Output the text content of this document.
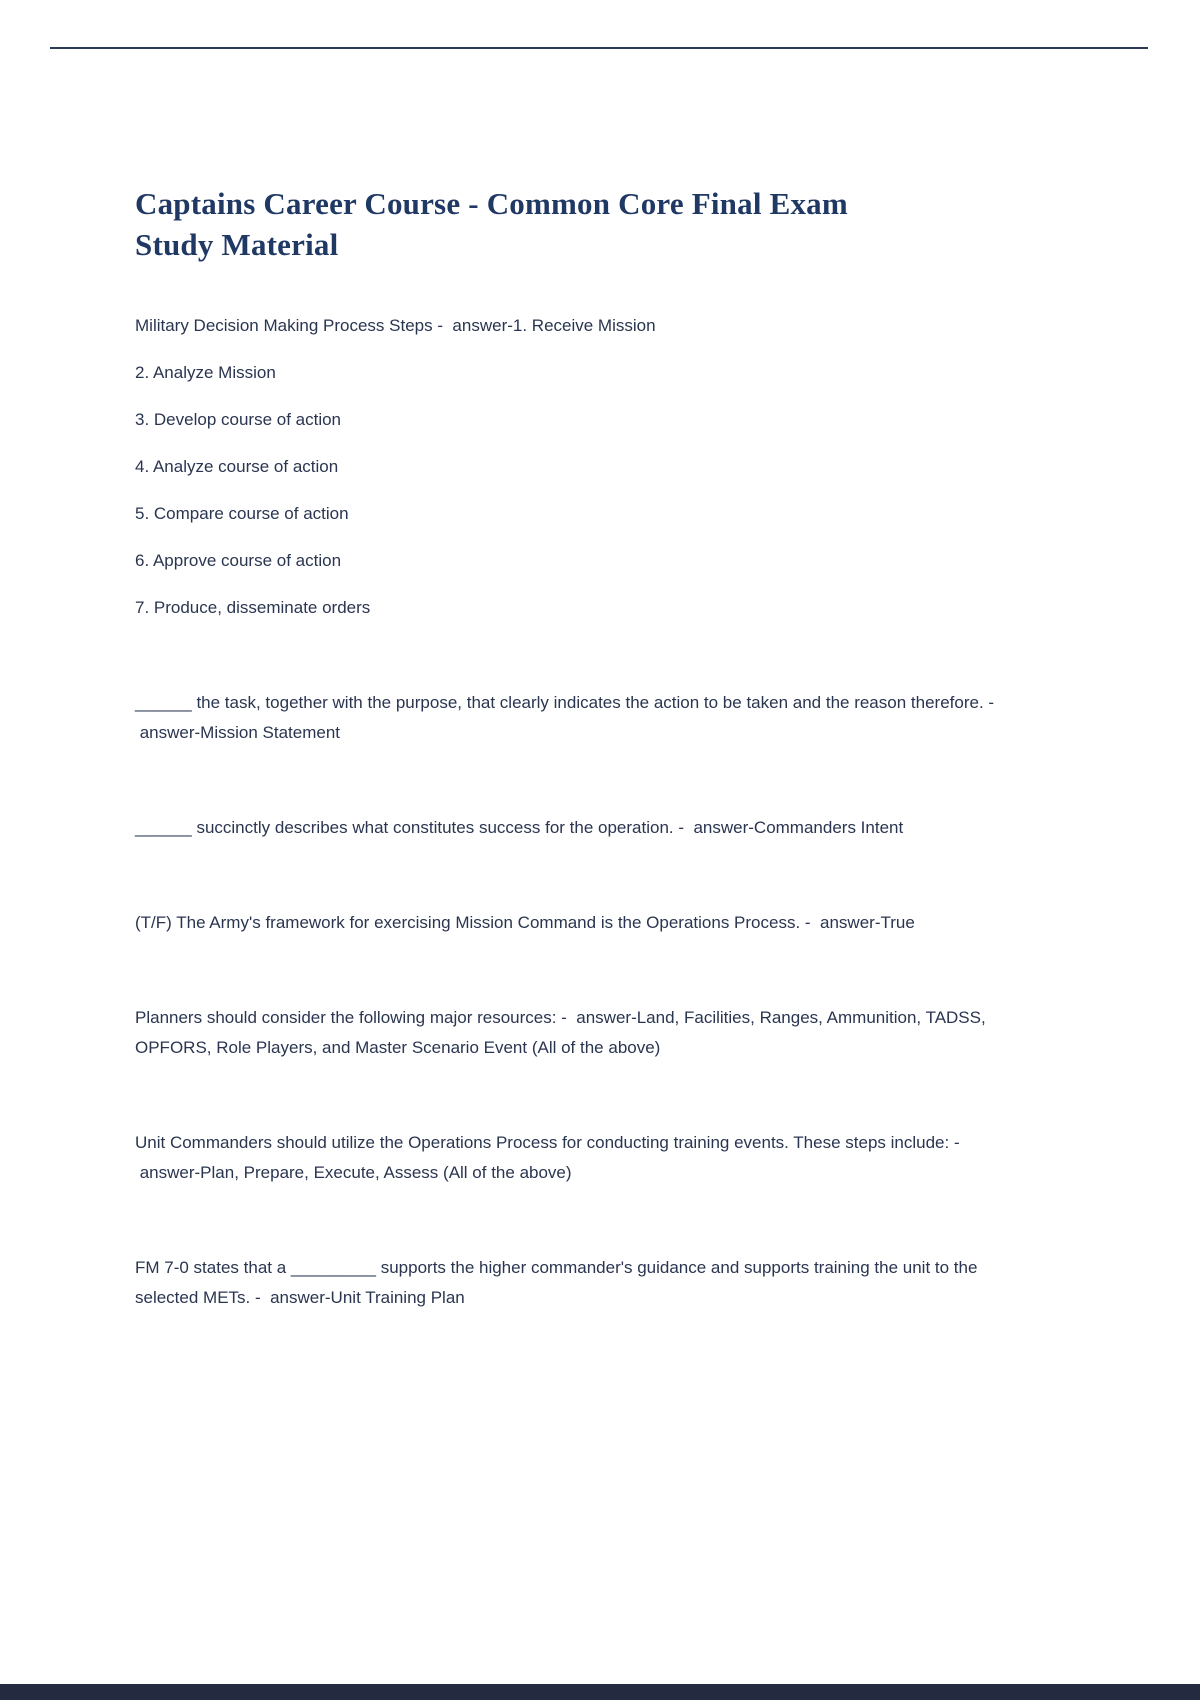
Captains Career Course - Common Core Final Exam
Study Material

Military Decision Making Process Steps -  answer-1. Receive Mission

2. Analyze Mission

3. Develop course of action

4. Analyze course of action

5. Compare course of action

6. Approve course of action

7. Produce, disseminate orders

______ the task, together with the purpose, that clearly indicates the action to be taken and the reason therefore. -  answer-Mission Statement

______ succinctly describes what constitutes success for the operation. -  answer-Commanders Intent

(T/F) The Army's framework for exercising Mission Command is the Operations Process. -  answer-True

Planners should consider the following major resources: -  answer-Land, Facilities, Ranges, Ammunition, TADSS, OPFORS, Role Players, and Master Scenario Event (All of the above)

Unit Commanders should utilize the Operations Process for conducting training events. These steps include: -  answer-Plan, Prepare, Execute, Assess (All of the above)

FM 7-0 states that a _________ supports the higher commander's guidance and supports training the unit to the selected METs. -  answer-Unit Training Plan
